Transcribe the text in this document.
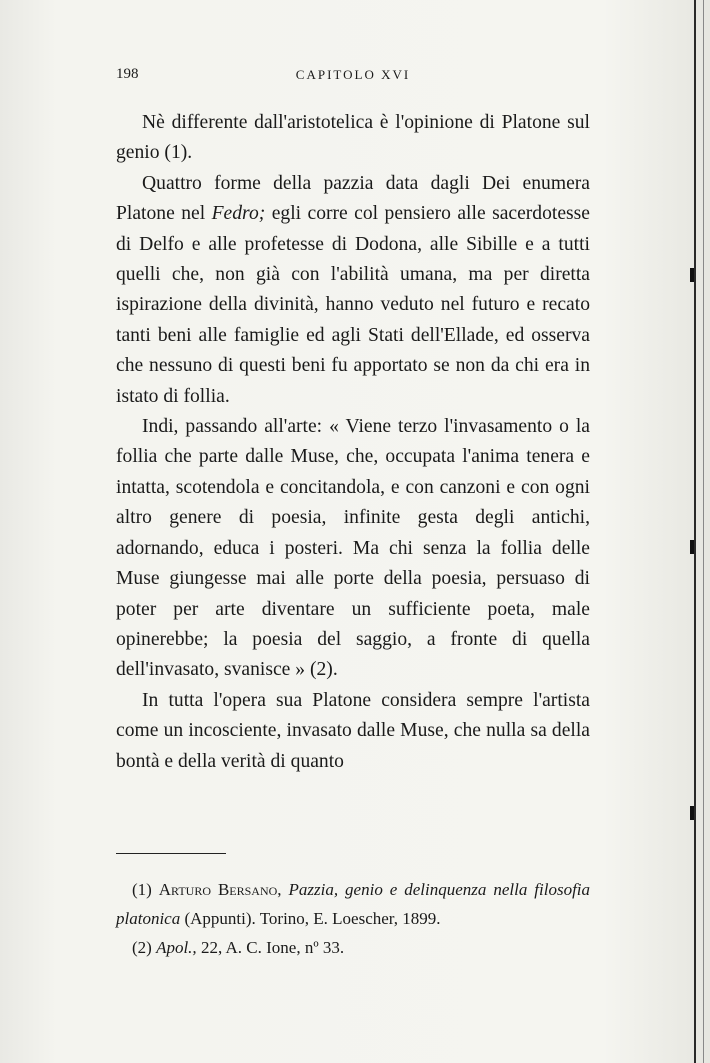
198	CAPITOLO XVI

Nè differente dall'aristotelica è l'opinione di Platone sul genio (1).

Quattro forme della pazzia data dagli Dei enumera Platone nel Fedro; egli corre col pensiero alle sacerdotesse di Delfo e alle profetesse di Dodona, alle Sibille e a tutti quelli che, non già con l'abilità umana, ma per diretta ispirazione della divinità, hanno veduto nel futuro e recato tanti beni alle famiglie ed agli Stati dell'Ellade, ed osserva che nessuno di questi beni fu apportato se non da chi era in istato di follia.

Indi, passando all'arte: « Viene terzo l'invasamento o la follia che parte dalle Muse, che, occupata l'anima tenera e intatta, scotendola e concitandola, e con canzoni e con ogni altro genere di poesia, infinite gesta degli antichi, adornando, educa i posteri. Ma chi senza la follia delle Muse giungesse mai alle porte della poesia, persuaso di poter per arte diventare un sufficiente poeta, male opinerebbe; la poesia del saggio, a fronte di quella dell'invasato, svanisce » (2).

In tutta l'opera sua Platone considera sempre l'artista come un incosciente, invasato dalle Muse, che nulla sa della bontà e della verità di quanto

(1) Arturo Bersano, Pazzia, genio e delinquenza nella filosofia platonica (Appunti). Torino, E. Loescher, 1899.

(2) Apol., 22, A. C. Ione, nº 33.
